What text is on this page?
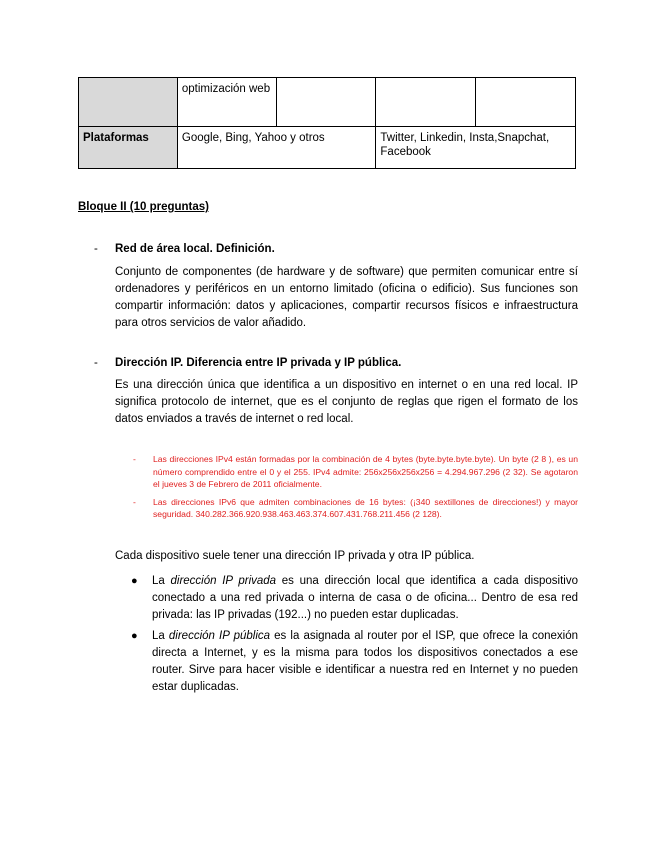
	optimización web			
Plataformas	Google, Bing, Yahoo y otros		Twitter, Linkedin, Insta,Snapchat, Facebook	
Bloque II (10 preguntas)
- Red de área local. Definición.
Conjunto de componentes (de hardware y de software) que permiten comunicar entre sí ordenadores y periféricos en un entorno limitado (oficina o edificio). Sus funciones son compartir información: datos y aplicaciones, compartir recursos físicos e infraestructura para otros servicios de valor añadido.
- Dirección IP. Diferencia entre IP privada y IP pública.
Es una dirección única que identifica a un dispositivo en internet o en una red local. IP significa protocolo de internet, que es el conjunto de reglas que rigen el formato de los datos enviados a través de internet o red local.
- Las direcciones IPv4 están formadas por la combinación de 4 bytes (byte.byte.byte.byte). Un byte (2 8 ), es un número comprendido entre el 0 y el 255. IPv4 admite: 256x256x256x256 = 4.294.967.296 (2 32). Se agotaron el jueves 3 de Febrero de 2011 oficialmente.
- Las direcciones IPv6 que admiten combinaciones de 16 bytes: (¡340 sextillones de direcciones!) y mayor seguridad. 340.282.366.920.938.463.463.374.607.431.768.211.456 (2 128).
Cada dispositivo suele tener una dirección IP privada y otra IP pública.
● La dirección IP privada es una dirección local que identifica a cada dispositivo conectado a una red privada o interna de casa o de oficina... Dentro de esa red privada: las IP privadas (192...) no pueden estar duplicadas.
● La dirección IP pública es la asignada al router por el ISP, que ofrece la conexión directa a Internet, y es la misma para todos los dispositivos conectados a ese router. Sirve para hacer visible e identificar a nuestra red en Internet y no pueden estar duplicadas.
